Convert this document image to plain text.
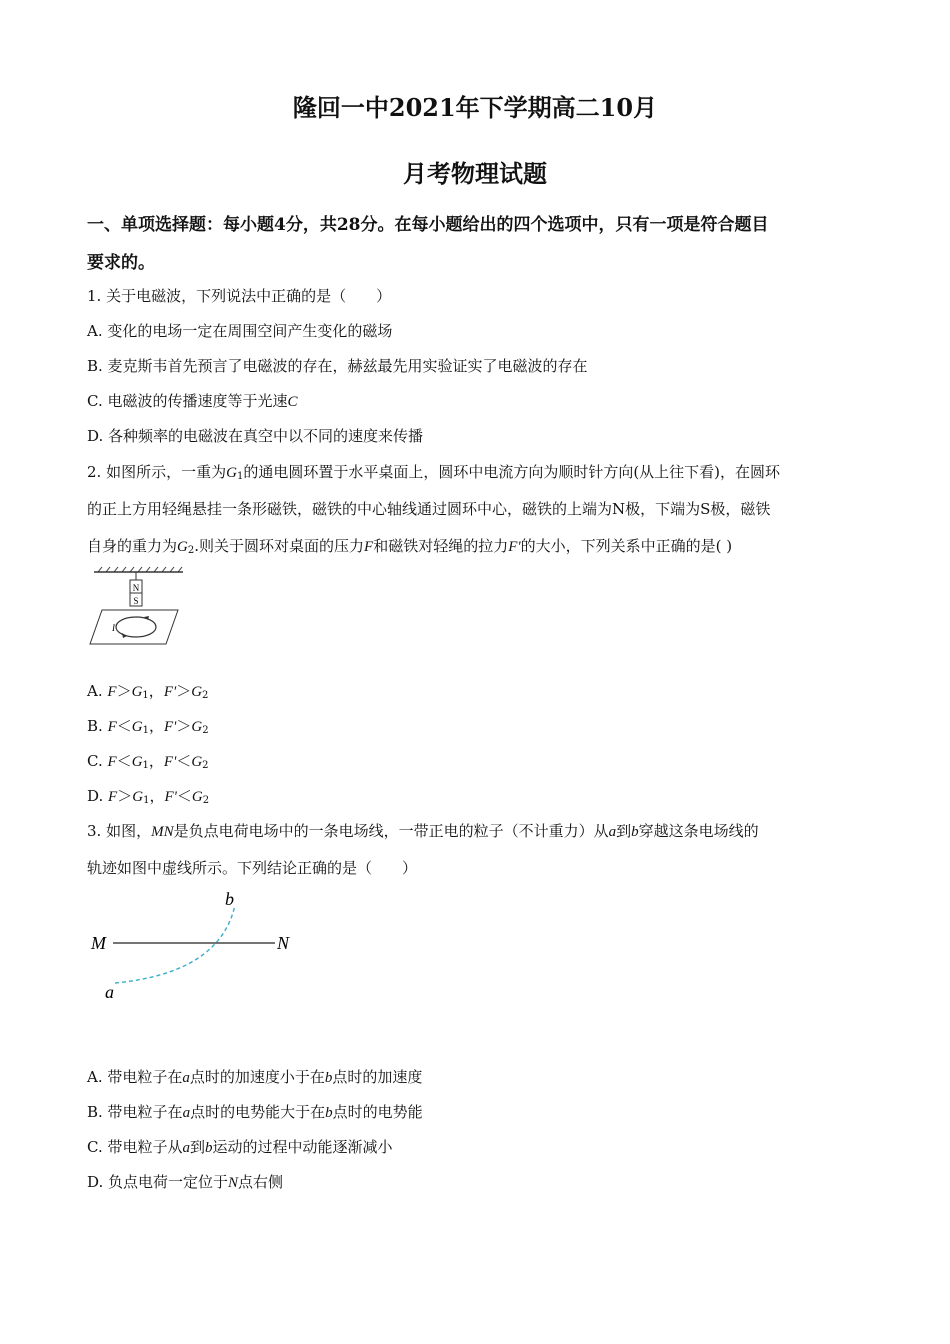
隆回一中2021年下学期高二10月
月考物理试题
一、单项选择题：每小题4分，共28分。在每小题给出的四个选项中，只有一项是符合题目
要求的。
1. 关于电磁波，下列说法中正确的是（　　）
A. 变化的电场一定在周围空间产生变化的磁场
B. 麦克斯韦首先预言了电磁波的存在，赫兹最先用实验证实了电磁波的存在
C. 电磁波的传播速度等于光速C
D. 各种频率的电磁波在真空中以不同的速度来传播
2. 如图所示，一重为$G_1$的通电圆环置于水平桌面上，圆环中电流方向为顺时针方向(从上往下看)，在圆环
的正上方用轻绳悬挂一条形磁铁，磁铁的中心轴线通过圆环中心，磁铁的上端为N极，下端为S极，磁铁
自身的重力为$G_2$.则关于圆环对桌面的压力F和磁铁对轻绳的拉力F'的大小，下列关系中正确的是( )
N
S
I
A. $F>G_1$，$F'>G_2$
B. $F<G_1$，$F'>G_2$
C. $F<G_1$，$F'<G_2$
D. $F>G_1$，$F'<G_2$
3. 如图，MN是负点电荷电场中的一条电场线，一带正电的粒子（不计重力）从a到b穿越这条电场线的
轨迹如图中虚线所示。下列结论正确的是（　　）
M	N
a
b
A. 带电粒子在a点时的加速度小于在b点时的加速度
B. 带电粒子在a点时的电势能大于在b点时的电势能
C. 带电粒子从a到b运动的过程中动能逐渐减小
D. 负点电荷一定位于N点右侧
